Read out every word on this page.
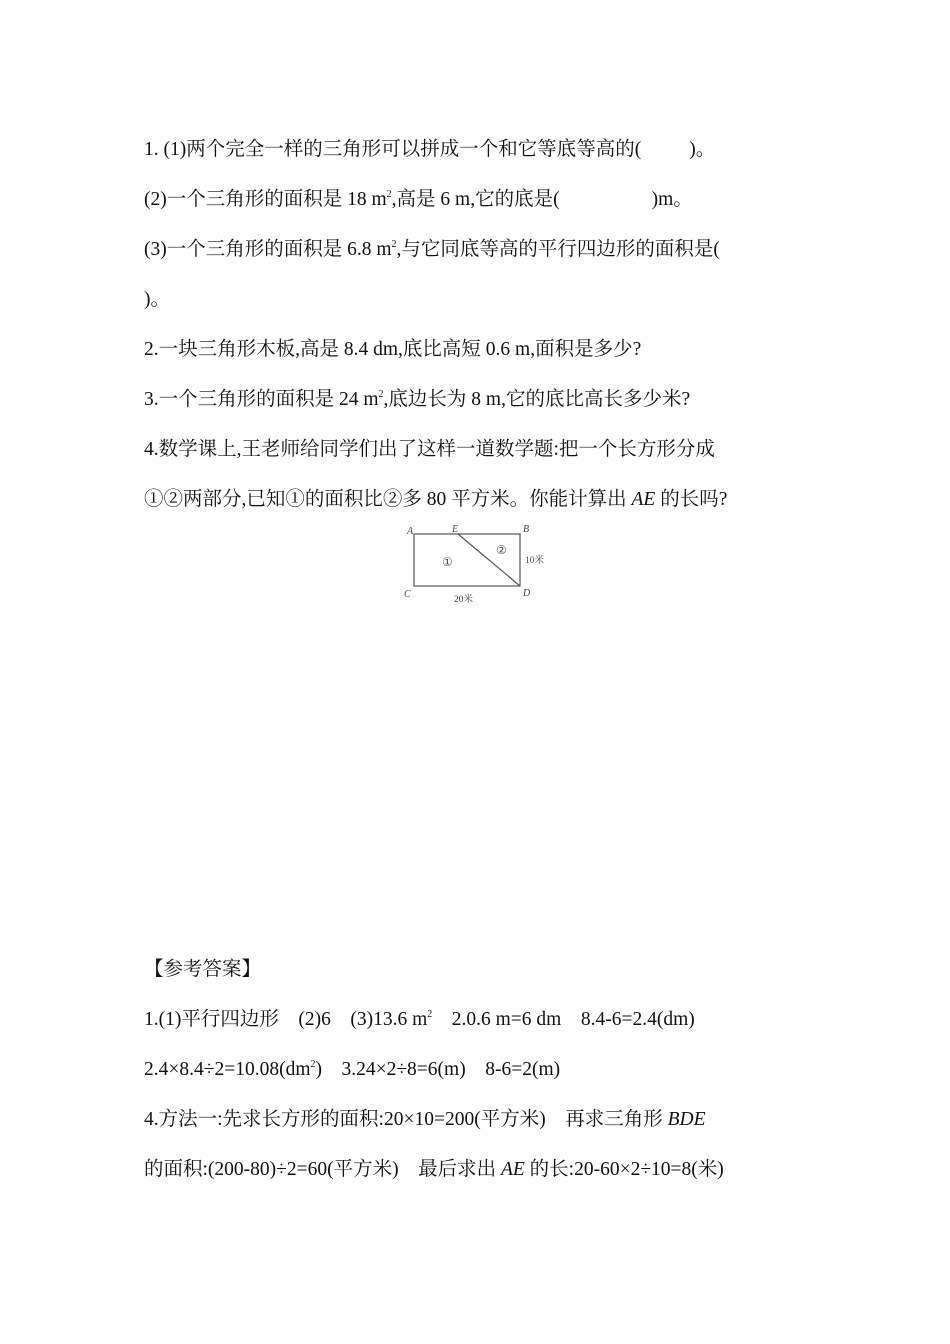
1. (1)两个完全一样的三角形可以拼成一个和它等底等高的( )。
(2)一个三角形的面积是 18 $m^2$,高是 6 m,它的底是(	)m。
(3)一个三角形的面积是 6.8 $m^2$,与它同底等高的平行四边形的面积是(
)。
2.一块三角形木板,高是 8.4 dm,底比高短 0.6 m,面积是多少?
3.一个三角形的面积是 24 $m^2$,底边长为 8 m,它的底比高长多少米?
4.数学课上,王老师给同学们出了这样一道数学题:把一个长方形分成
①②两部分,已知①的面积比②多 80 平方米。你能计算出 AE 的长吗?
A	E	B
C	D
①
②
10米
20米
【参考答案】
1.(1)平行四边形　(2)6　(3)13.6 $m^2$　2.0.6 m=6 dm　8.4-6=2.4(dm)
$2.4\times 8.4\div 2=10.08(dm^2)$　3.24×2÷8=6(m)　8-6=2(m)
4.方法一:先求长方形的面积:20×10=200(平方米)　再求三角形 BDE
的面积:(200-80)÷2=60(平方米)　最后求出 AE 的长:20-60×2÷10=8(米)
